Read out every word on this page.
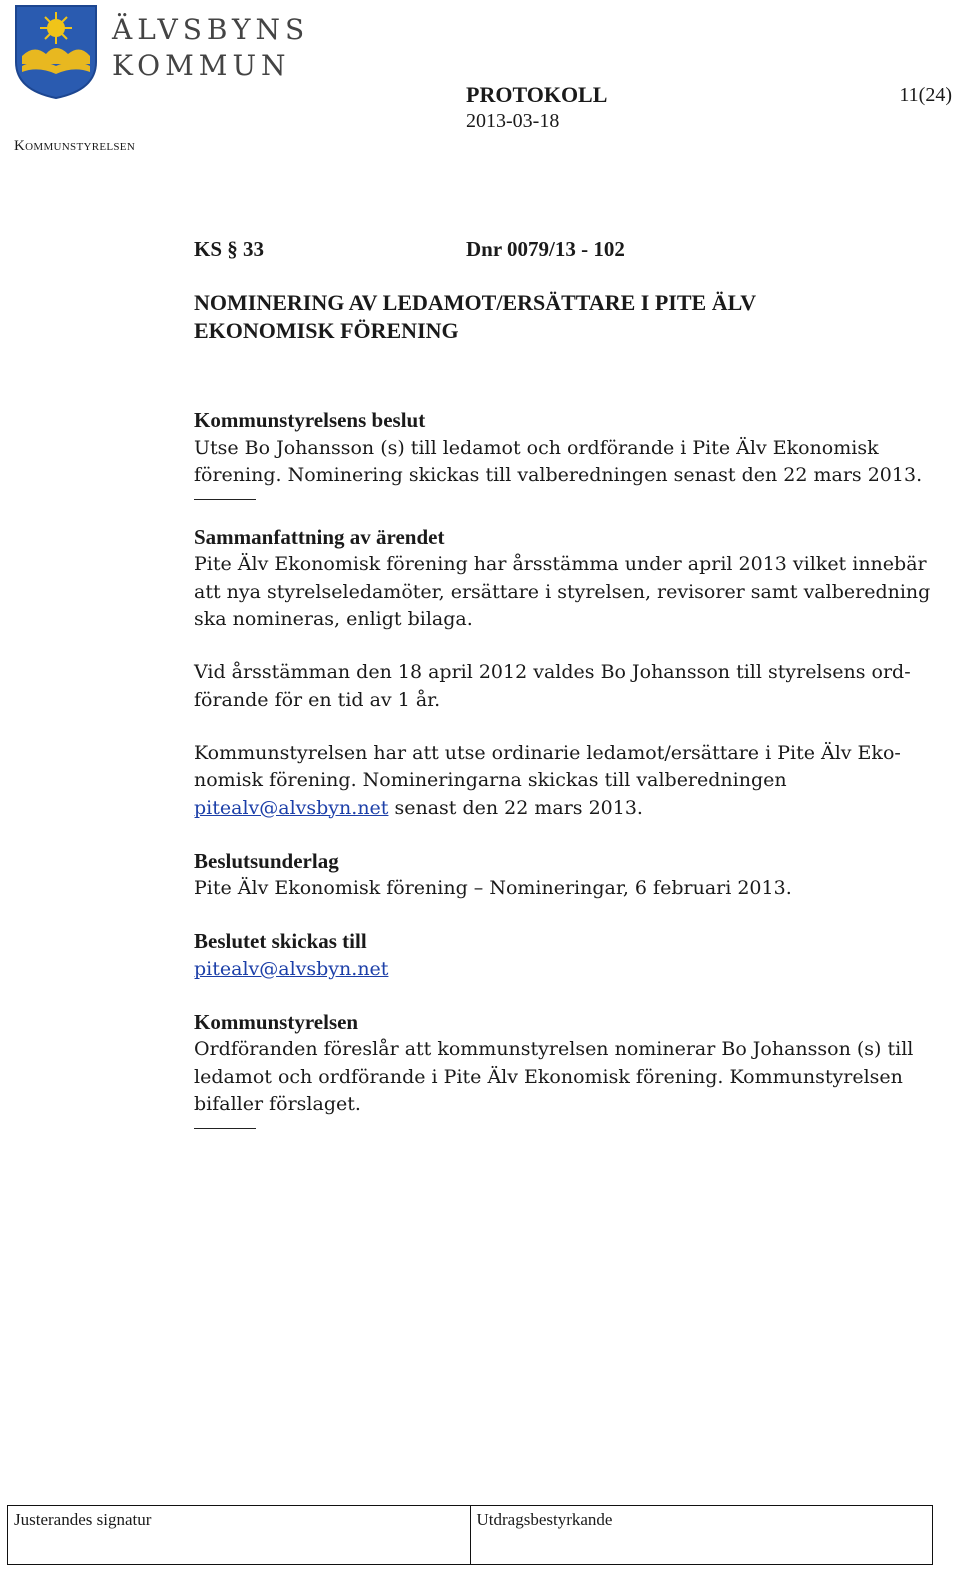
ÄLVSBYNS
KOMMUN
Kommunstyrelsen
PROTOKOLL
2013-03-18
11(24)
KS § 33	Dnr 0079/13 - 102

NOMINERING AV LEDAMOT/ERSÄTTARE I PITE ÄLV
EKONOMISK FÖRENING

Kommunstyrelsens beslut

Utse Bo Johansson (s) till ledamot och ordförande i Pite Älv Ekonomisk förening. Nominering skickas till valberedningen senast den 22 mars 2013.

Sammanfattning av ärendet

Pite Älv Ekonomisk förening har årsstämma under april 2013 vilket innebär att nya styrelseledamöter, ersättare i styrelsen, revisorer samt valberedning ska nomineras, enligt bilaga.

Vid årsstämman den 18 april 2012 valdes Bo Johansson till styrelsens ord-
förande för en tid av 1 år.

Kommunstyrelsen har att utse ordinarie ledamot/ersättare i Pite Älv Eko-
nomisk förening. Nomineringarna skickas till valberedningen
pitealv@alvsbyn.net senast den 22 mars 2013.

Beslutsunderlag

Pite Älv Ekonomisk förening – Nomineringar, 6 februari 2013.

Beslutet skickas till

pitealv@alvsbyn.net

Kommunstyrelsen

Ordföranden föreslår att kommunstyrelsen nominerar Bo Johansson (s) till ledamot och ordförande i Pite Älv Ekonomisk förening. Kommunstyrelsen bifaller förslaget.

Justerandes signatur	Utdragsbestyrkande
